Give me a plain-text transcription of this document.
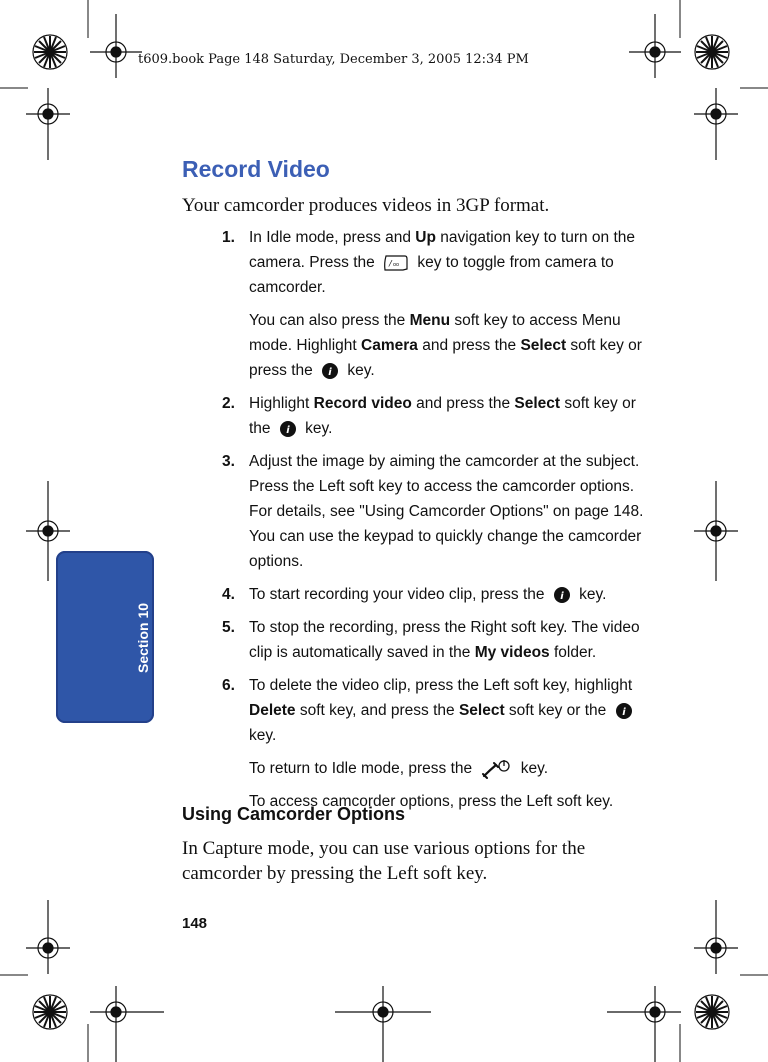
t609.book Page 148 Saturday, December 3, 2005 12:34 PM
Section 10
Record Video

Your camcorder produces videos in 3GP format.

1. In Idle mode, press and Up navigation key to turn on the camera. Press the / oo key to toggle from camera to camcorder.

You can also press the Menu soft key to access Menu mode. Highlight Camera and press the Select soft key or press the i key.

2. Highlight Record video and press the Select soft key or the i key.

3. Adjust the image by aiming the camcorder at the subject. Press the Left soft key to access the camcorder options. For details, see "Using Camcorder Options" on page 148. You can use the keypad to quickly change the camcorder options.

4. To start recording your video clip, press the i key.

5. To stop the recording, press the Right soft key. The video clip is automatically saved in the My videos folder.

6. To delete the video clip, press the Left soft key, highlight Delete soft key, and press the Select soft key or the i
key.

To return to Idle mode, press the	key.

To access camcorder options, press the Left soft key.

Using Camcorder Options

In Capture mode, you can use various options for the camcorder by pressing the Left soft key.

148
